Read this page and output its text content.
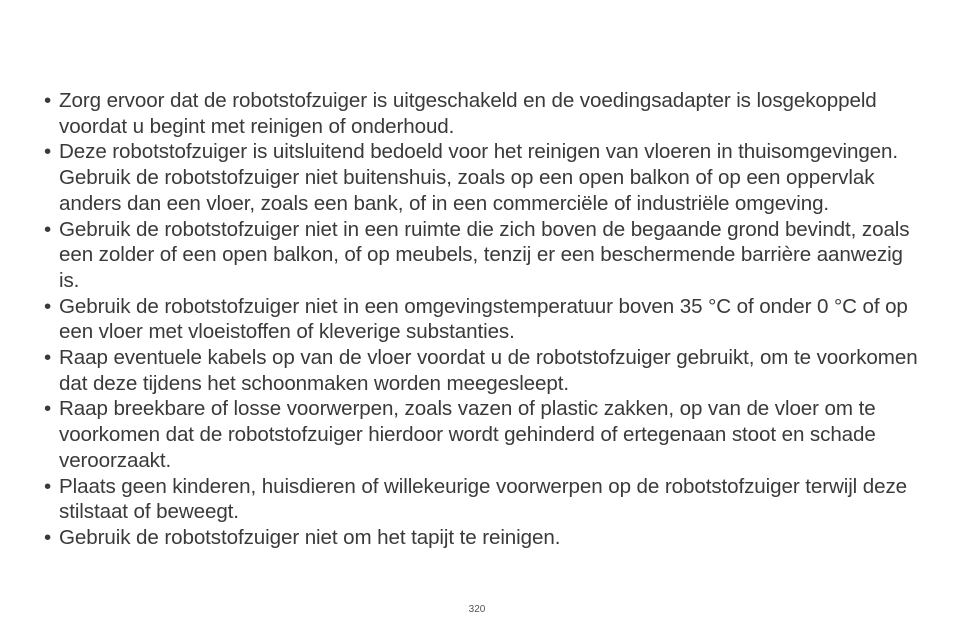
• Zorg ervoor dat de robotstofzuiger is uitgeschakeld en de voedingsadapter is losgekoppeld voordat u begint met reinigen of onderhoud.
• Deze robotstofzuiger is uitsluitend bedoeld voor het reinigen van vloeren in thuisomgevingen. Gebruik de robotstofzuiger niet buitenshuis, zoals op een open balkon of op een oppervlak anders dan een vloer, zoals een bank, of in een commerciële of industriële omgeving.
• Gebruik de robotstofzuiger niet in een ruimte die zich boven de begaande grond bevindt, zoals een zolder of een open balkon, of op meubels, tenzij er een beschermende barrière aanwezig is.
• Gebruik de robotstofzuiger niet in een omgevingstemperatuur boven 35 °C of onder 0 °C of op een vloer met vloeistoffen of kleverige substanties.
• Raap eventuele kabels op van de vloer voordat u de robotstofzuiger gebruikt, om te voorkomen dat deze tijdens het schoonmaken worden meegesleept.
• Raap breekbare of losse voorwerpen, zoals vazen of plastic zakken, op van de vloer om te voorkomen dat de robotstofzuiger hierdoor wordt gehinderd of ertegenaan stoot en schade veroorzaakt.
• Plaats geen kinderen, huisdieren of willekeurige voorwerpen op de robotstofzuiger terwijl deze stilstaat of beweegt.
• Gebruik de robotstofzuiger niet om het tapijt te reinigen.
320
